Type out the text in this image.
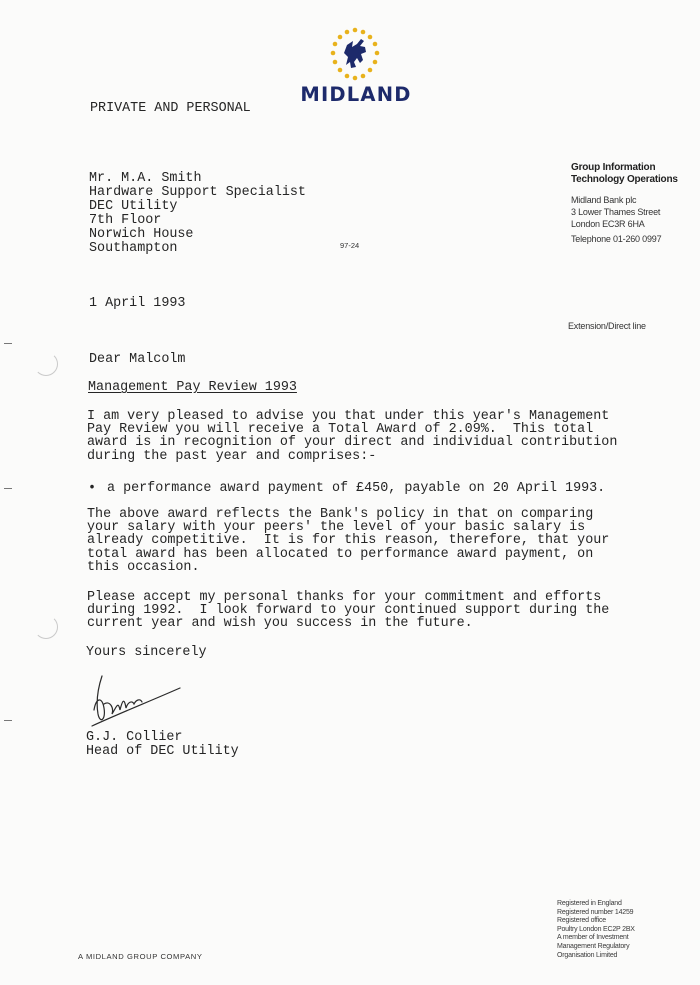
MIDLAND
PRIVATE AND PERSONAL
Mr. M.A. Smith
Hardware Support Specialist
DEC Utility
7th Floor
Norwich House
Southampton	97-24
Group Information
Technology Operations
Midland Bank plc
3 Lower Thames Street
London EC3R 6HA
Telephone 01-260 0997
Extension/Direct line
1 April 1993
Dear Malcolm
Management Pay Review 1993
I am very pleased to advise you that under this year's Management
Pay Review you will receive a Total Award of 2.09%.  This total
award is in recognition of your direct and individual contribution
during the past year and comprises:-
• a performance award payment of £450, payable on 20 April 1993.
The above award reflects the Bank's policy in that on comparing
your salary with your peers' the level of your basic salary is
already competitive.  It is for this reason, therefore, that your
total award has been allocated to performance award payment, on
this occasion.
Please accept my personal thanks for your commitment and efforts
during 1992.  I look forward to your continued support during the
current year and wish you success in the future.
Yours sincerely
G.J. Collier
Head of DEC Utility
A MIDLAND GROUP COMPANY
Registered in England
Registered number 14259
Registered office
Poultry London EC2P 2BX
A member of Investment
Management Regulatory
Organisation Limited
